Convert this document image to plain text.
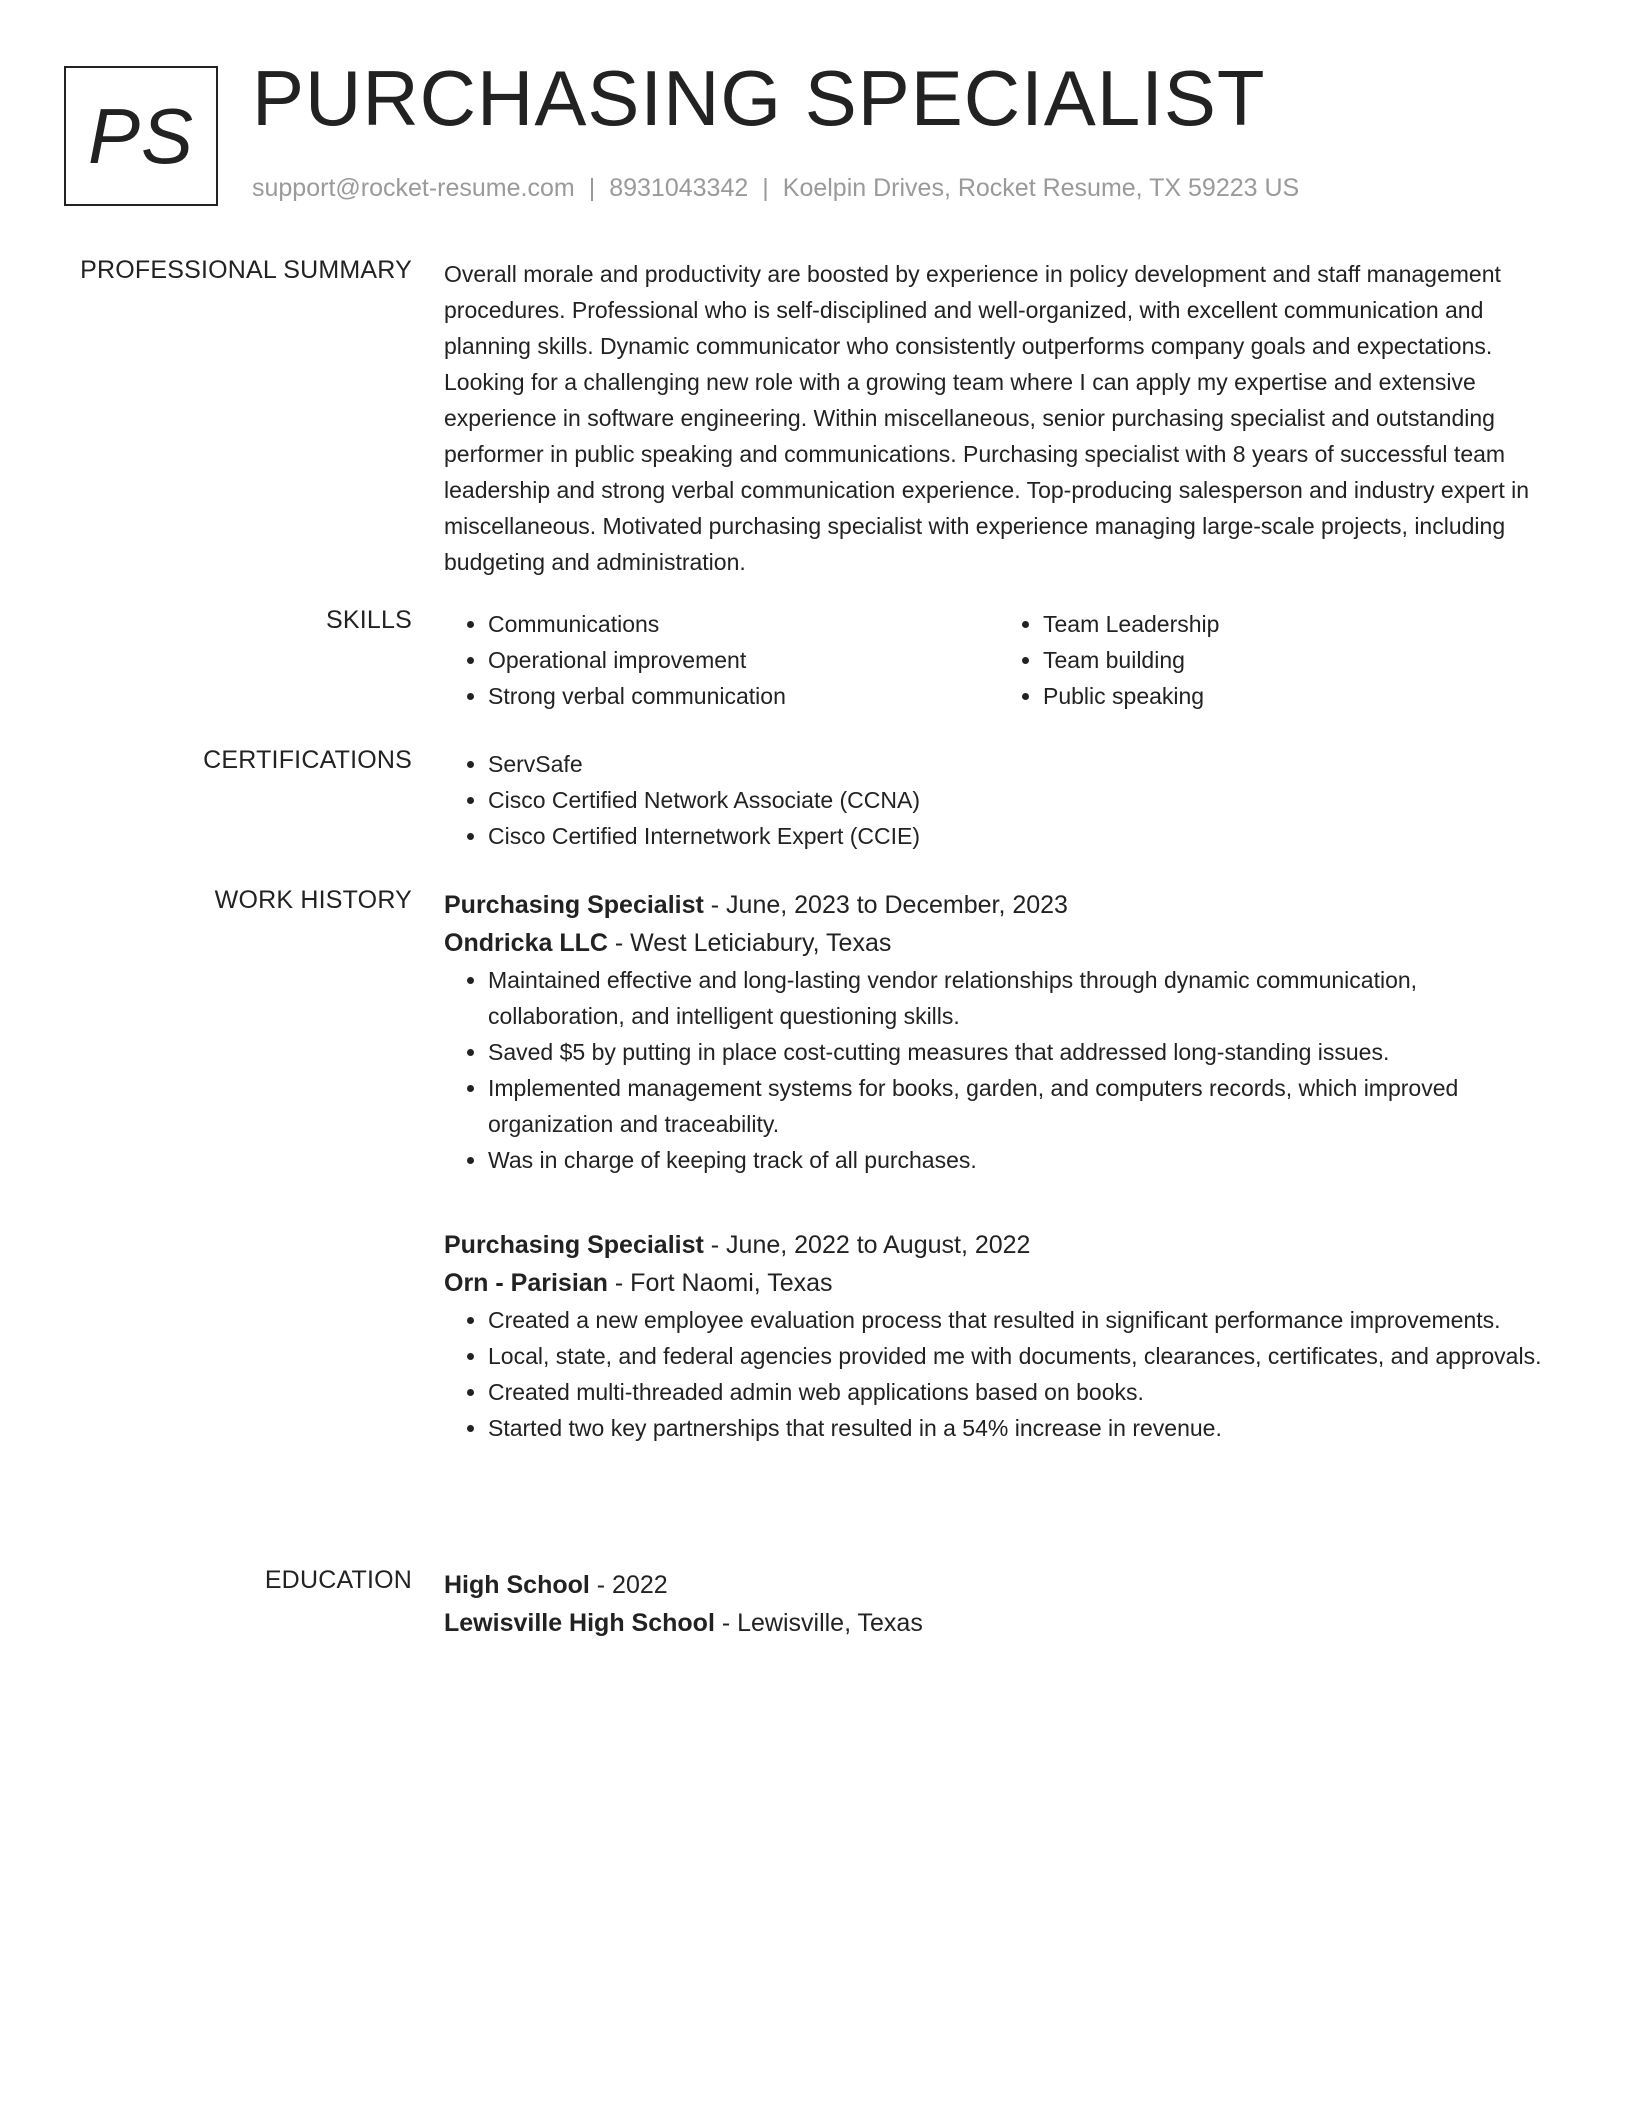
PS PURCHASING SPECIALIST
support@rocket-resume.com | 8931043342 | Koelpin Drives, Rocket Resume, TX 59223 US
PROFESSIONAL SUMMARY Overall morale and productivity are boosted by experience in policy development and staff management procedures. Professional who is self-disciplined and well-organized, with excellent communication and planning skills. Dynamic communicator who consistently outperforms company goals and expectations. Looking for a challenging new role with a growing team where I can apply my expertise and extensive experience in software engineering. Within miscellaneous, senior purchasing specialist and outstanding performer in public speaking and communications. Purchasing specialist with 8 years of successful team leadership and strong verbal communication experience. Top-producing salesperson and industry expert in miscellaneous. Motivated purchasing specialist with experience managing large-scale projects, including budgeting and administration.

SKILLS	• Communications
• Operational improvement
• Strong verbal communication
• Team Leadership
• Team building
• Public speaking
CERTIFICATIONS	• ServSafe
• Cisco Certified Network Associate (CCNA)
• Cisco Certified Internetwork Expert (CCIE)
WORK HISTORY Purchasing Specialist - June, 2023 to December, 2023
Ondricka LLC - West Leticiabury, Texas
• Maintained effective and long-lasting vendor relationships through dynamic communication, collaboration, and intelligent questioning skills.
• Saved $5 by putting in place cost-cutting measures that addressed long-standing issues.
• Implemented management systems for books, garden, and computers records, which improved organization and traceability.
• Was in charge of keeping track of all purchases.
Purchasing Specialist - June, 2022 to August, 2022
Orn - Parisian - Fort Naomi, Texas
• Created a new employee evaluation process that resulted in significant performance improvements.
• Local, state, and federal agencies provided me with documents, clearances, certificates, and approvals.
• Created multi-threaded admin web applications based on books.
• Started two key partnerships that resulted in a 54% increase in revenue.
EDUCATION High School - 2022
Lewisville High School - Lewisville, Texas
